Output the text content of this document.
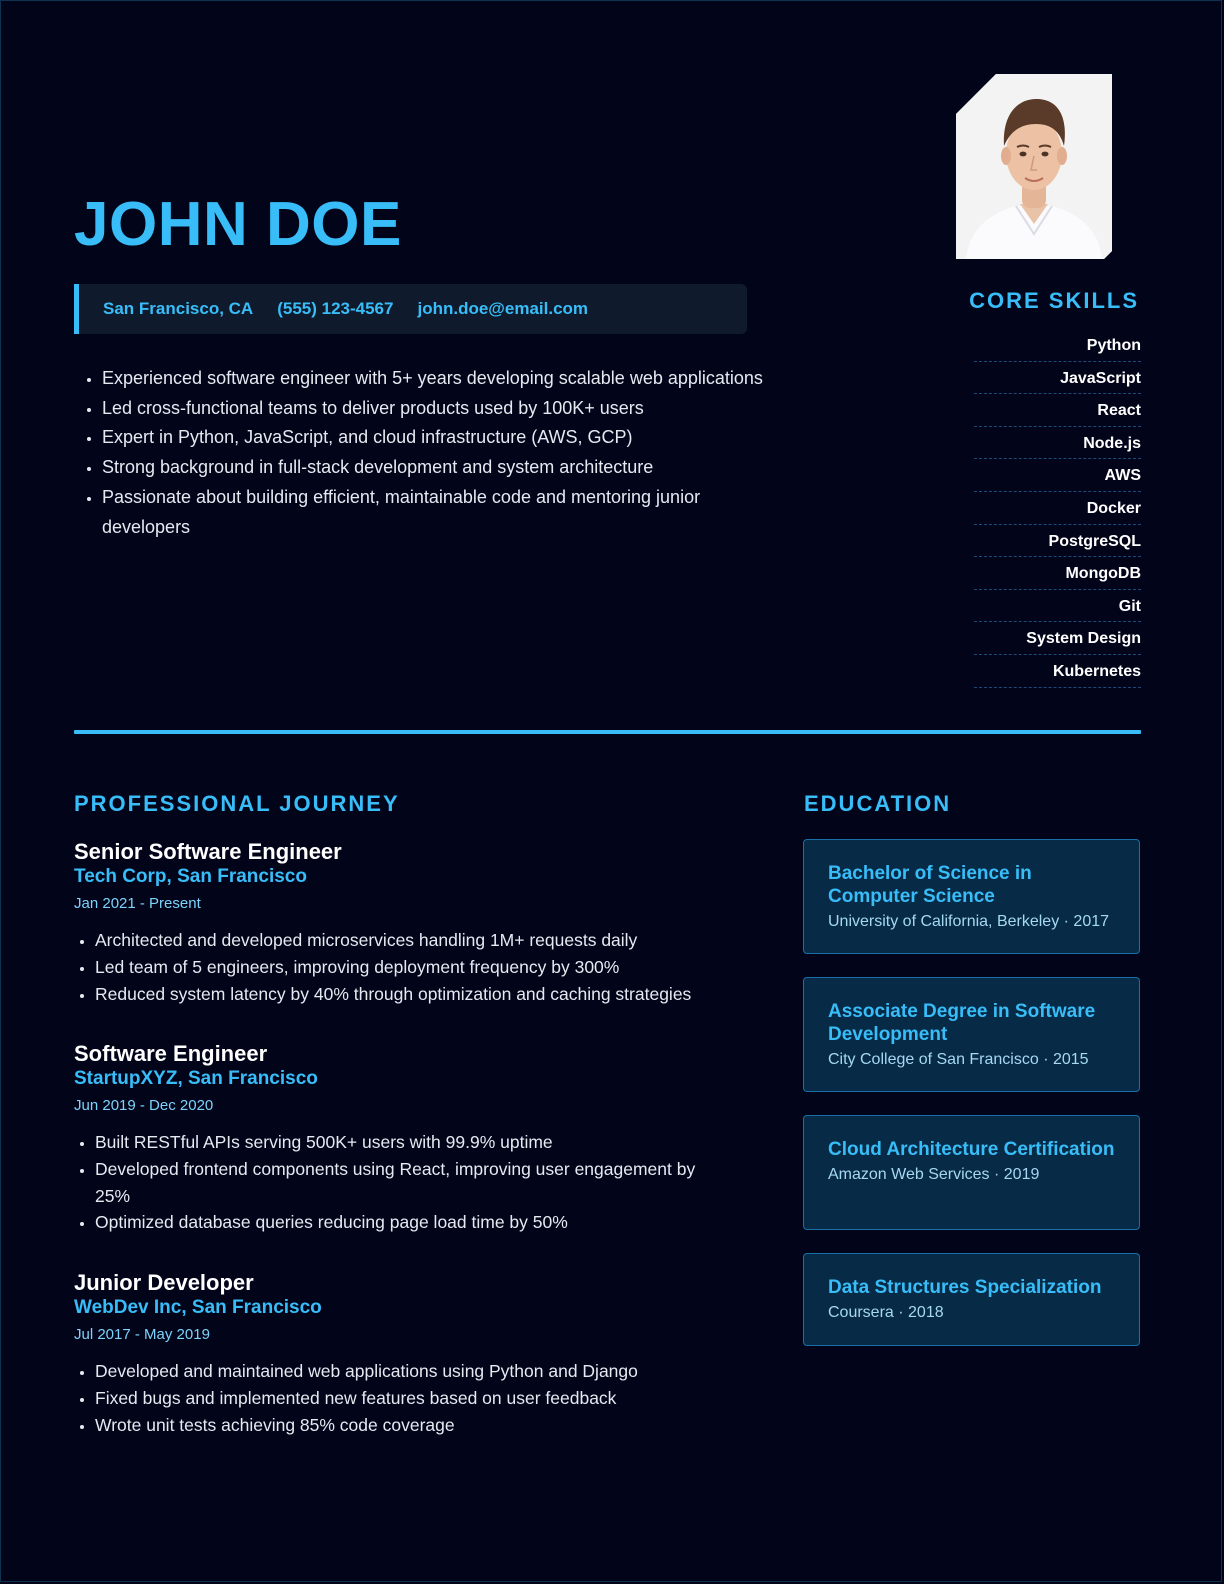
JOHN DOE
San Francisco, CA (555) 123-4567 john.doe@email.com
• Experienced software engineer with 5+ years developing scalable web applications
• Led cross-functional teams to deliver products used by 100K+ users
• Expert in Python, JavaScript, and cloud infrastructure (AWS, GCP)
• Strong background in full-stack development and system architecture
• Passionate about building efficient, maintainable code and mentoring junior developers
CORE SKILLS
Python
JavaScript
React
Node.js
AWS
Docker
PostgreSQL
MongoDB
Git
System Design
Kubernetes
PROFESSIONAL JOURNEY
Senior Software Engineer
Tech Corp, San Francisco
Jan 2021 - Present
• Architected and developed microservices handling 1M+ requests daily
• Led team of 5 engineers, improving deployment frequency by 300%
• Reduced system latency by 40% through optimization and caching strategies
Software Engineer
StartupXYZ, San Francisco
Jun 2019 - Dec 2020
• Built RESTful APIs serving 500K+ users with 99.9% uptime
• Developed frontend components using React, improving user engagement by 25%
• Optimized database queries reducing page load time by 50%
Junior Developer
WebDev Inc, San Francisco
Jul 2017 - May 2019
• Developed and maintained web applications using Python and Django
• Fixed bugs and implemented new features based on user feedback
• Wrote unit tests achieving 85% code coverage
EDUCATION
Bachelor of Science in Computer Science
University of California, Berkeley · 2017
Associate Degree in Software Development
City College of San Francisco · 2015
Cloud Architecture Certification
Amazon Web Services · 2019
Data Structures Specialization
Coursera · 2018
